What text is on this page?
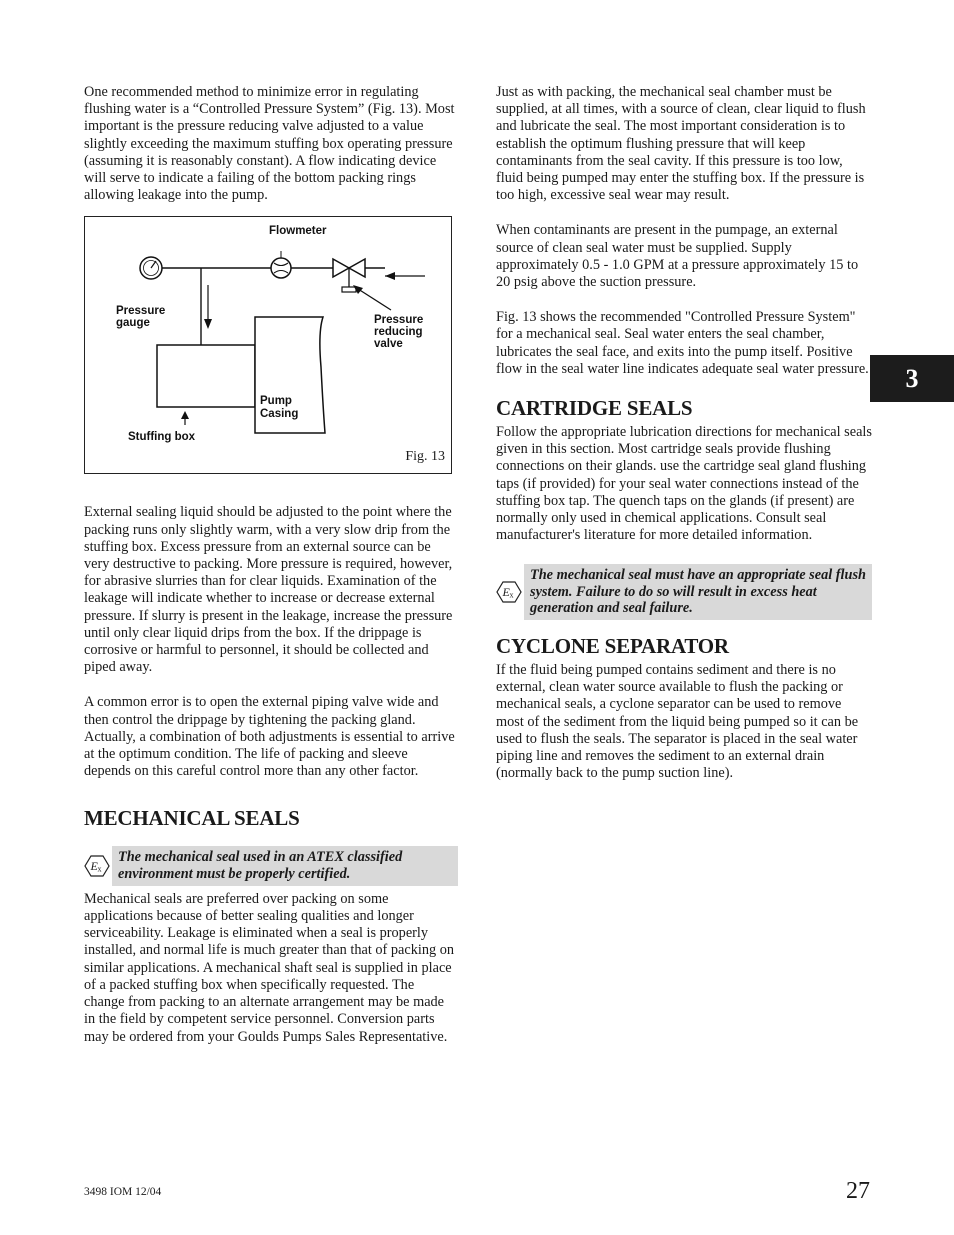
One recommended method to minimize error in regulating flushing water is a “Controlled Pressure System” (Fig. 13). Most important is the pressure reducing valve adjusted to a value slightly exceeding the maximum stuffing box operating pressure (assuming it is reasonably constant). A flow indicating device will serve to indicate a failing of the bottom packing rings allowing leakage into the pump.

Flowmeter
Pressure
gauge	Pressure
reducing
valve
Pump
Casing
Stuffing box
Fig. 13

External sealing liquid should be adjusted to the point where the packing runs only slightly warm, with a very slow drip from the stuffing box. Excess pressure from an external source can be very destructive to packing. More pressure is required, however, for abrasive slurries than for clear liquids. Examination of the leakage will indicate whether to increase or decrease external pressure. If slurry is present in the leakage, increase the pressure until only clear liquid drips from the box. If the drippage is corrosive or harmful to personnel, it should be collected and piped away.

A common error is to open the external piping valve wide and then control the drippage by tightening the packing gland. Actually, a combination of both adjustments is essential to arrive at the optimum condition. The life of packing and sleeve depends on this careful control more than any other factor.

MECHANICAL SEALS
E x
The mechanical seal used in an ATEX classified environment must be properly certified.

Mechanical seals are preferred over packing on some applications because of better sealing qualities and longer serviceability. Leakage is eliminated when a seal is properly installed, and normal life is much greater than that of packing on similar applications. A mechanical shaft seal is supplied in place of a packed stuffing box when specifically requested. The change from packing to an alternate arrangement may be made in the field by competent service personnel. Conversion parts may be ordered from your Goulds Pumps Sales Representative.

Just as with packing, the mechanical seal chamber must be supplied, at all times, with a source of clean, clear liquid to flush and lubricate the seal. The most important consideration is to establish the optimum flushing pressure that will keep contaminants from the seal cavity. If this pressure is too low, fluid being pumped may enter the stuffing box. If the pressure is too high, excessive seal wear may result.

When contaminants are present in the pumpage, an external source of clean seal water must be supplied. Supply approximately 0.5 - 1.0 GPM at a pressure approximately 15 to 20 psig above the suction pressure.

Fig. 13 shows the recommended "Controlled Pressure System" for a mechanical seal. Seal water enters the seal chamber, lubricates the seal face, and exits into the pump itself. Positive flow in the seal water line indicates adequate seal water pressure.

CARTRIDGE SEALS

Follow the appropriate lubrication directions for mechanical seals given in this section. Most cartridge seals provide flushing connections on their glands. use the cartridge seal gland flushing taps (if provided) for your seal water connections instead of the stuffing box tap. The quench taps on the glands (if present) are normally only used in chemical applications. Consult seal manufacturer's literature for more detailed information.

E x
The mechanical seal must have an appropriate seal flush system. Failure to do so will result in excess heat generation and seal failure.
CYCLONE SEPARATOR

If the fluid being pumped contains sediment and there is no external, clean water source available to flush the packing or mechanical seals, a cyclone separator can be used to remove most of the sediment from the liquid being pumped so it can be used to flush the seals. The separator is placed in the seal water piping line and removes the sediment to an external drain (normally back to the pump suction line).

3
3498 IOM 12/04	27
